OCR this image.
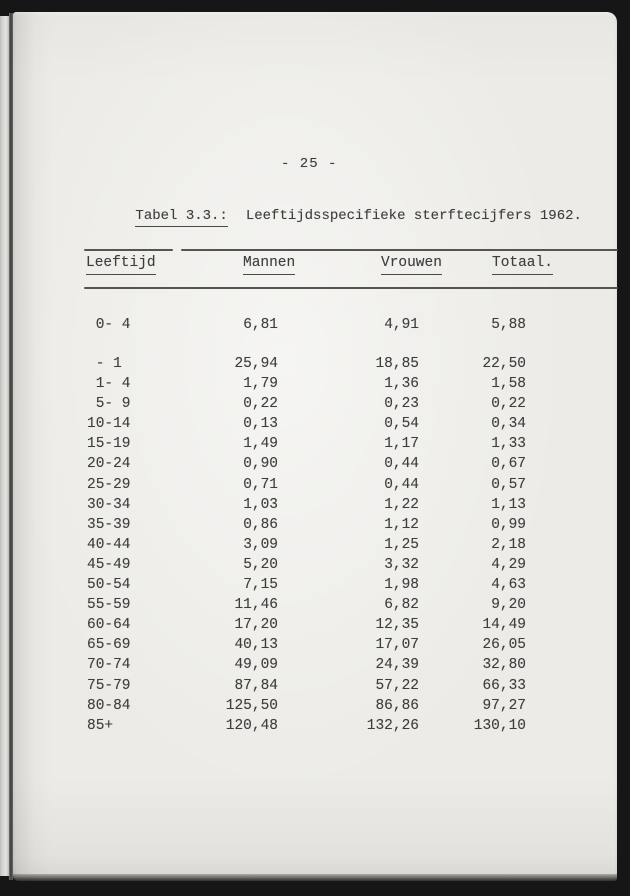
- 25 -

Tabel 3.3.: Leeftijdsspecifieke sterftecijfers 1962.

Leeftijd	Mannen	Vrouwen	Totaal.
0- 4	6,81	4,91	5,88
- 1	25,94	18,85	22,50
1- 4	1,79	1,36	1,58
5- 9	0,22	0,23	0,22
10-14	0,13	0,54	0,34
15-19	1,49	1,17	1,33
20-24	0,90	0,44	0,67
25-29	0,71	0,44	0,57
30-34	1,03	1,22	1,13
35-39	0,86	1,12	0,99
40-44	3,09	1,25	2,18
45-49	5,20	3,32	4,29
50-54	7,15	1,98	4,63
55-59	11,46	6,82	9,20
60-64	17,20	12,35	14,49
65-69	40,13	17,07	26,05
70-74	49,09	24,39	32,80
75-79	87,84	57,22	66,33
80-84	125,50	86,86	97,27
85+	120,48	132,26	130,10
